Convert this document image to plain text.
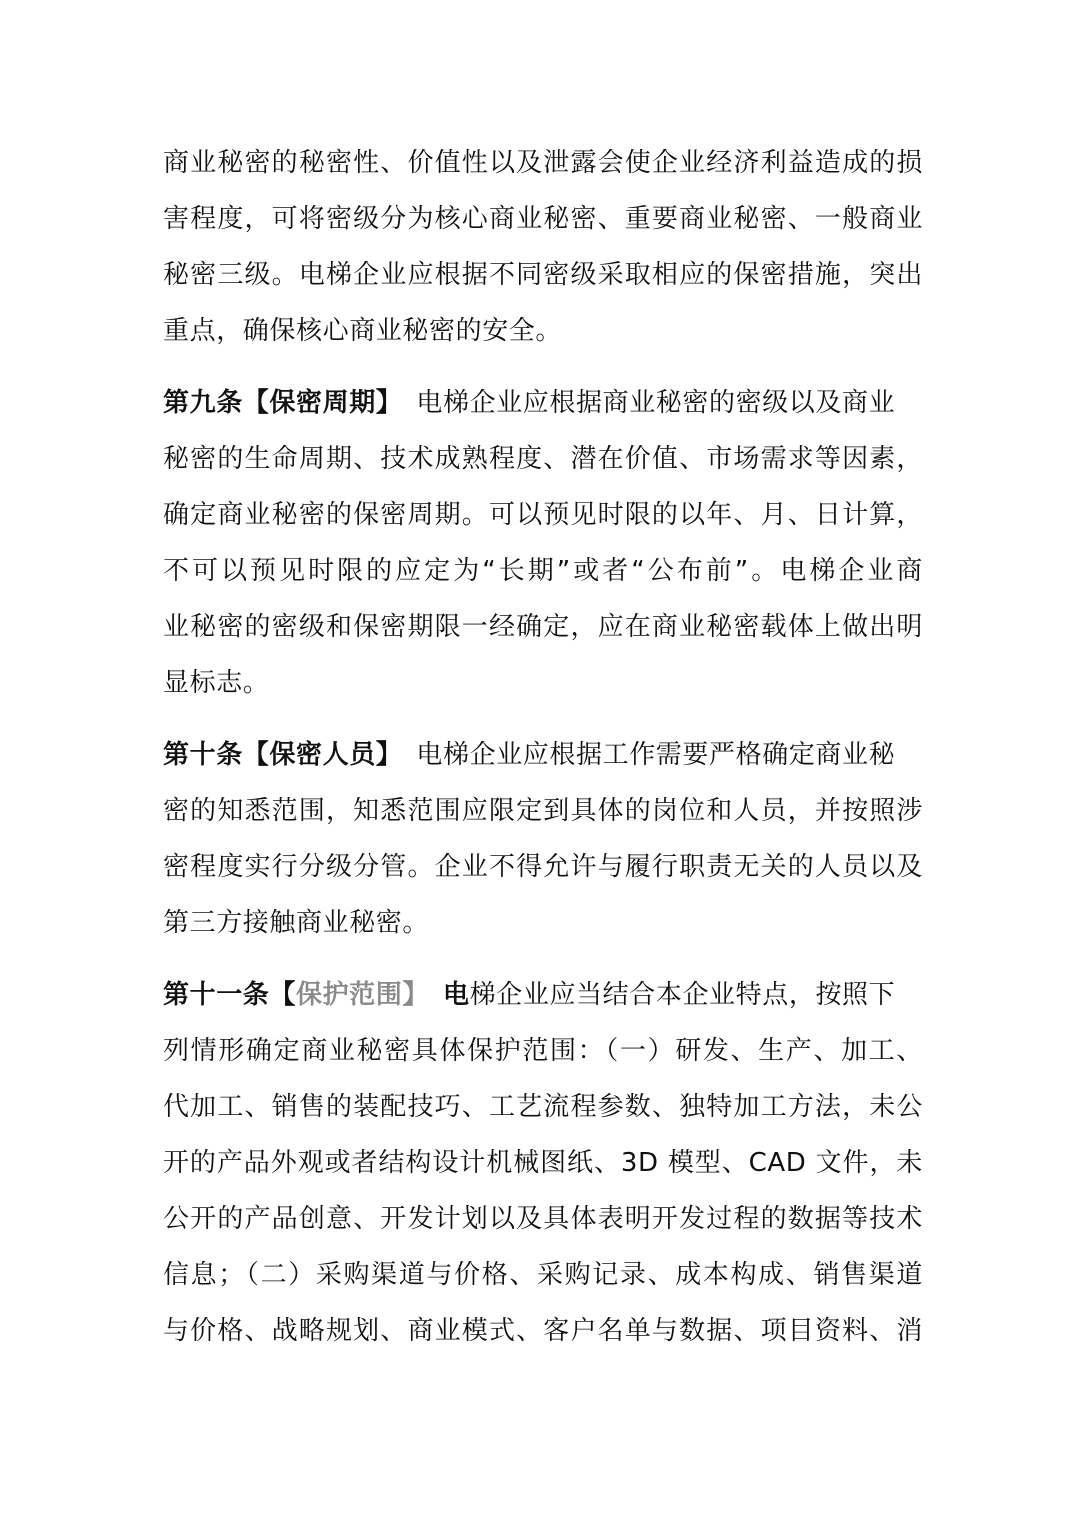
商业秘密的秘密性、价值性以及泄露会使企业经济利益造成的损
害程度，可将密级分为核心商业秘密、重要商业秘密、一般商业
秘密三级。电梯企业应根据不同密级采取相应的保密措施，突出
重点，确保核心商业秘密的安全。
第九条【保密周期】 电梯企业应根据商业秘密的密级以及商业
秘密的生命周期、技术成熟程度、潜在价值、市场需求等因素，
确定商业秘密的保密周期。可以预见时限的以年、月、日计算，
不可以预见时限的应定为“长期”或者“公布前”。电梯企业商
业秘密的密级和保密期限一经确定，应在商业秘密载体上做出明
显标志。
第十条【保密人员】 电梯企业应根据工作需要严格确定商业秘
密的知悉范围，知悉范围应限定到具体的岗位和人员，并按照涉
密程度实行分级分管。企业不得允许与履行职责无关的人员以及
第三方接触商业秘密。
第十一条【保护范围】 电梯企业应当结合本企业特点，按照下
列情形确定商业秘密具体保护范围：（一）研发、生产、加工、
代加工、销售的装配技巧、工艺流程参数、独特加工方法，未公
开的产品外观或者结构设计机械图纸、3D 模型、CAD 文件，未
公开的产品创意、开发计划以及具体表明开发过程的数据等技术
信息；（二）采购渠道与价格、采购记录、成本构成、销售渠道
与价格、战略规划、商业模式、客户名单与数据、项目资料、消
